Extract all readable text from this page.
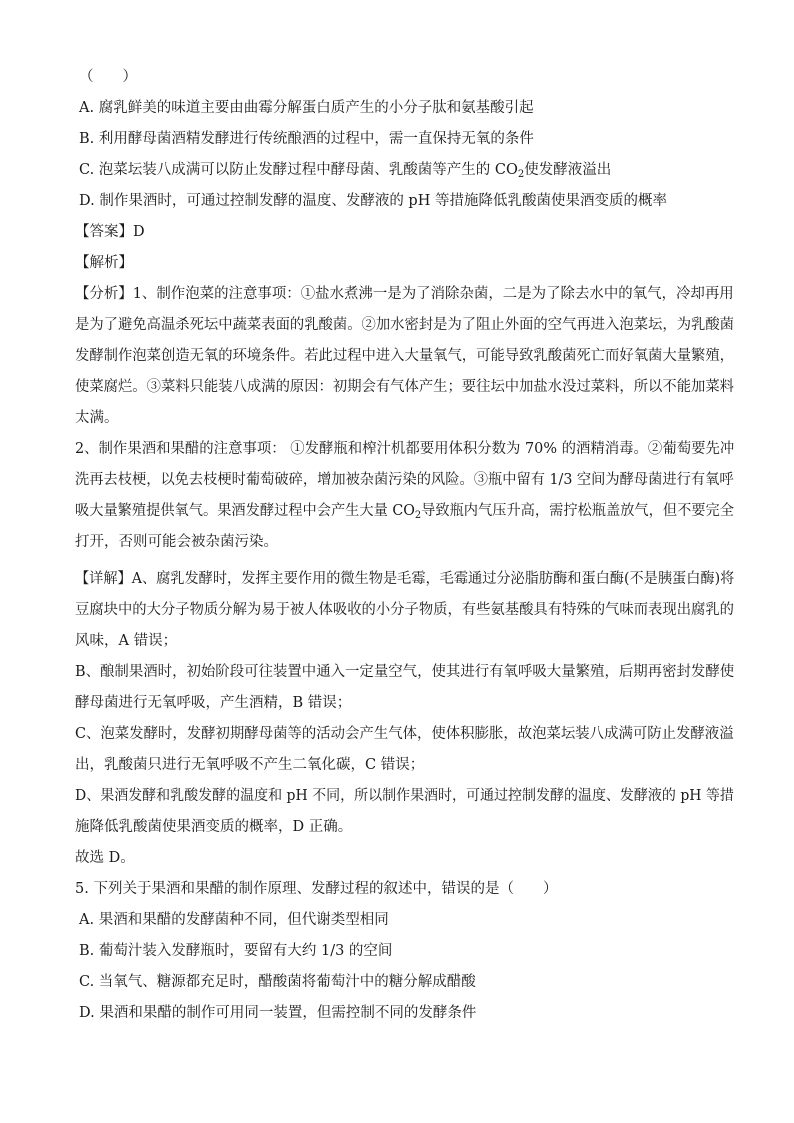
（　　）
A. 腐乳鲜美的味道主要由曲霉分解蛋白质产生的小分子肽和氨基酸引起
B. 利用酵母菌酒精发酵进行传统酿酒的过程中，需一直保持无氧的条件
C. 泡菜坛装八成满可以防止发酵过程中酵母菌、乳酸菌等产生的 $CO_2$使发酵液溢出
D. 制作果酒时，可通过控制发酵的温度、发酵液的 pH 等措施降低乳酸菌使果酒变质的概率
【答案】D
【解析】
【分析】1、制作泡菜的注意事项：①盐水煮沸一是为了消除杂菌，二是为了除去水中的氧气，冷却再用
是为了避免高温杀死坛中蔬菜表面的乳酸菌。②加水密封是为了阻止外面的空气再进入泡菜坛，为乳酸菌
发酵制作泡菜创造无氧的环境条件。若此过程中进入大量氧气，可能导致乳酸菌死亡而好氧菌大量繁殖，
使菜腐烂。③菜料只能装八成满的原因：初期会有气体产生；要往坛中加盐水没过菜料，所以不能加菜料
太满。
2、制作果酒和果醋的注意事项： ①发酵瓶和榨汁机都要用体积分数为 70% 的酒精消毒。②葡萄要先冲
洗再去枝梗，以免去枝梗时葡萄破碎，增加被杂菌污染的风险。③瓶中留有 1/3 空间为酵母菌进行有氧呼
吸大量繁殖提供氧气。果酒发酵过程中会产生大量 $CO_2$导致瓶内气压升高，需拧松瓶盖放气，但不要完全
打开，否则可能会被杂菌污染。
【详解】A、腐乳发酵时，发挥主要作用的微生物是毛霉，毛霉通过分泌脂肪酶和蛋白酶(不是胰蛋白酶)将
豆腐块中的大分子物质分解为易于被人体吸收的小分子物质，有些氨基酸具有特殊的气味而表现出腐乳的
风味，A 错误；
B、酿制果酒时，初始阶段可往装置中通入一定量空气，使其进行有氧呼吸大量繁殖，后期再密封发酵使
酵母菌进行无氧呼吸，产生酒精，B 错误；
C、泡菜发酵时，发酵初期酵母菌等的活动会产生气体，使体积膨胀，故泡菜坛装八成满可防止发酵液溢
出，乳酸菌只进行无氧呼吸不产生二氧化碳，C 错误；
D、果酒发酵和乳酸发酵的温度和 pH 不同，所以制作果酒时，可通过控制发酵的温度、发酵液的 pH 等措
施降低乳酸菌使果酒变质的概率，D 正确。
故选 D。
5. 下列关于果酒和果醋的制作原理、发酵过程的叙述中，错误的是（　　）
A. 果酒和果醋的发酵菌种不同，但代谢类型相同
B. 葡萄汁装入发酵瓶时，要留有大约 1/3 的空间
C. 当氧气、糖源都充足时，醋酸菌将葡萄汁中的糖分解成醋酸
D. 果酒和果醋的制作可用同一装置，但需控制不同的发酵条件
